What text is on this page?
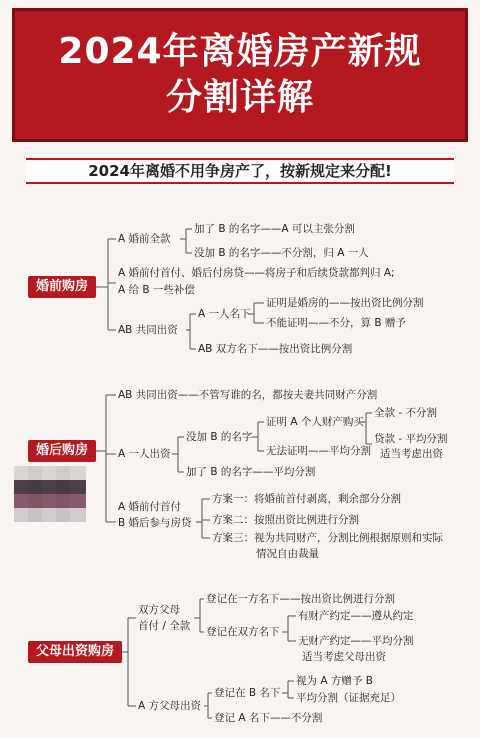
2024年离婚房产新规
分割详解
2024年离婚不用争房产了，按新规定来分配!
婚前购房
A 婚前全款
加了 B 的名字——A 可以主张分割
没加 B 的名字——不分割，归 A 一人
A 婚前付首付、婚后付房贷——将房子和后续贷款都判归 A;
A 给 B 一些补偿
AB 共同出资
A 一人名下
证明是婚房的——按出资比例分割
不能证明——不分，算 B 赠予
AB 双方名下——按出资比例分割
婚后购房
AB 共同出资——不管写谁的名，都按夫妻共同财产分割
A 一人出资
没加 B 的名字
证明 A 个人财产购买
全款 - 不分割
贷款 - 平均分割
适当考虑出资
无法证明——平均分割
加了 B 的名字——平均分割
A 婚前付首付
B 婚后参与房贷
方案一：将婚前首付剥离，剩余部分分割
方案二：按照出资比例进行分割
方案三：视为共同财产，分割比例根据原则和实际
情况自由裁量
父母出资购房
双方父母
首付 / 全款
登记在一方名下——按出资比例进行分割
登记在双方名下
有财产约定——遵从约定
无财产约定——平均分割
适当考虑父母出资
A 方父母出资
登记在 B 名下
视为 A 方赠予 B
平均分割（证据充足）
登记 A 名下——不分割
